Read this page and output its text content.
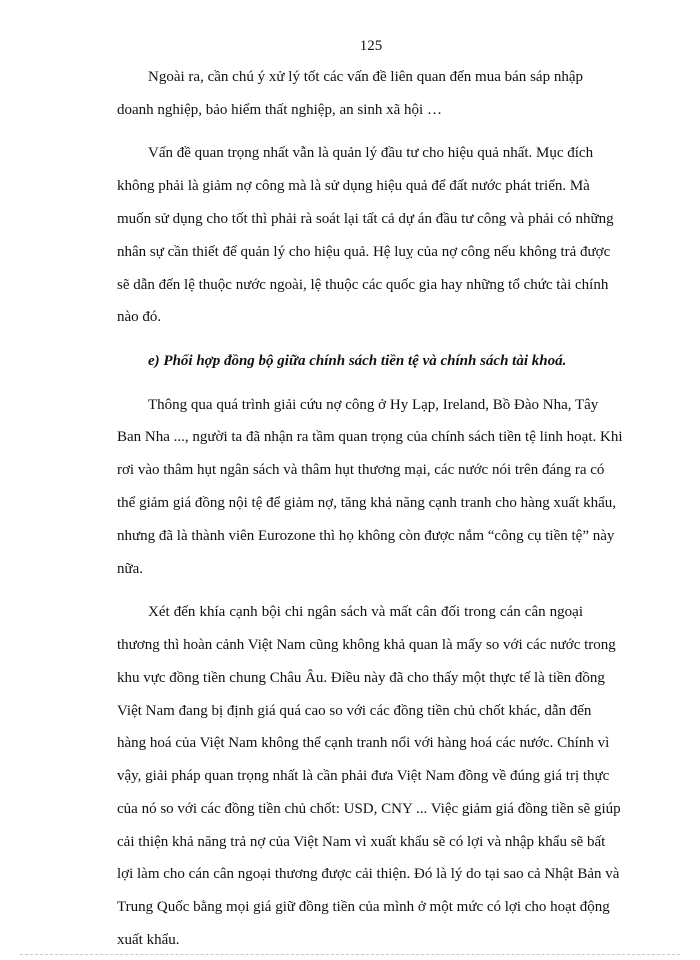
125
Ngoài ra, cần chú ý xử lý tốt các vấn đề liên quan đến mua bán sáp nhập
doanh nghiệp, bảo hiểm thất nghiệp, an sinh xã hội …
Vấn đề quan trọng nhất vẫn là quản lý đầu tư cho hiệu quả nhất. Mục đích
không phải là giảm nợ công mà là sử dụng hiệu quả để đất nước phát triển. Mà
muốn sử dụng cho tốt thì phải rà soát lại tất cả dự án đầu tư công và phải có những
nhân sự cần thiết để quản lý cho hiệu quả. Hệ luỵ của nợ công nếu không trả được
sẽ dẫn đến lệ thuộc nước ngoài, lệ thuộc các quốc gia hay những tổ chức tài chính
nào đó.
e) Phối hợp đồng bộ giữa chính sách tiền tệ và chính sách tài khoá.
Thông qua quá trình giải cứu nợ công ở Hy Lạp, Ireland, Bồ Đào Nha, Tây
Ban Nha ..., người ta đã nhận ra tầm quan trọng của chính sách tiền tệ linh hoạt. Khi
rơi vào thâm hụt ngân sách và thâm hụt thương mại, các nước nói trên đáng ra có
thể giảm giá đồng nội tệ để giảm nợ, tăng khả năng cạnh tranh cho hàng xuất khẩu,
nhưng đã là thành viên Eurozone thì họ không còn được nắm “công cụ tiền tệ” này
nữa.
Xét đến khía cạnh bội chi ngân sách và mất cân đối trong cán cân ngoại
thương thì hoàn cảnh Việt Nam cũng không khả quan là mấy so với các nước trong
khu vực đồng tiền chung Châu Âu. Điều này đã cho thấy một thực tế là tiền đồng
Việt Nam đang bị định giá quá cao so với các đồng tiền chủ chốt khác, dẫn đến
hàng hoá của Việt Nam không thể cạnh tranh nổi với hàng hoá các nước. Chính vì
vậy, giải pháp quan trọng nhất là cần phải đưa Việt Nam đồng về đúng giá trị thực
của nó so với các đồng tiền chủ chốt: USD, CNY ... Việc giảm giá đồng tiền sẽ giúp
cải thiện khả năng trả nợ của Việt Nam vì xuất khẩu sẽ có lợi và nhập khẩu sẽ bất
lợi làm cho cán cân ngoại thương được cải thiện. Đó là lý do tại sao cả Nhật Bản và
Trung Quốc bằng mọi giá giữ đồng tiền của mình ở một mức có lợi cho hoạt động
xuất khẩu.
